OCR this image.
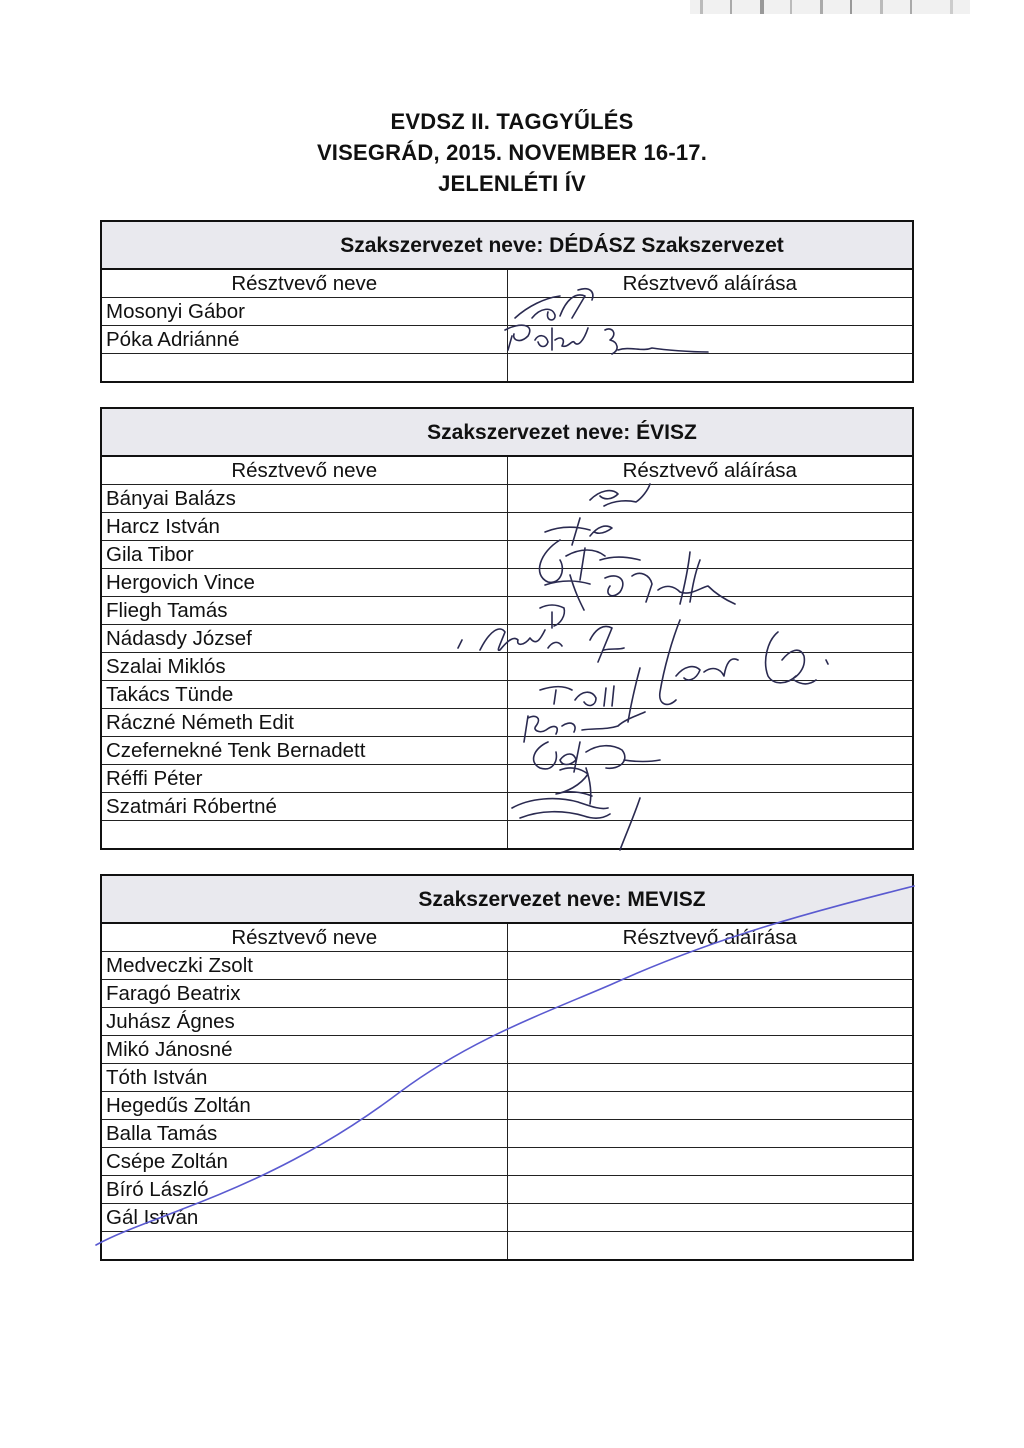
EVDSZ II. TAGGYŰLÉS
VISEGRÁD, 2015. NOVEMBER 16-17.
JELENLÉTI ÍV
Szakszervezet neve: DÉDÁSZ Szakszervezet
Résztvevő neve	Résztvevő aláírása
Mosonyi Gábor	
Póka Adriánné	

Szakszervezet neve: ÉVISZ
Résztvevő neve	Résztvevő aláírása
Bányai Balázs	
Harcz István	
Gila Tibor	
Hergovich Vince	
Fliegh Tamás	
Nádasdy József	
Szalai Miklós	
Takács Tünde	
Ráczné Németh Edit	
Czefernekné Tenk Bernadett	
Réffi Péter	
Szatmári Róbertné	

Szakszervezet neve: MEVISZ
Résztvevő neve	Résztvevő aláírása
Medveczki Zsolt	
Faragó Beatrix	
Juhász Ágnes	
Mikó Jánosné	
Tóth István	
Hegedűs Zoltán	
Balla Tamás	
Csépe Zoltán	
Bíró László	
Gál István	
